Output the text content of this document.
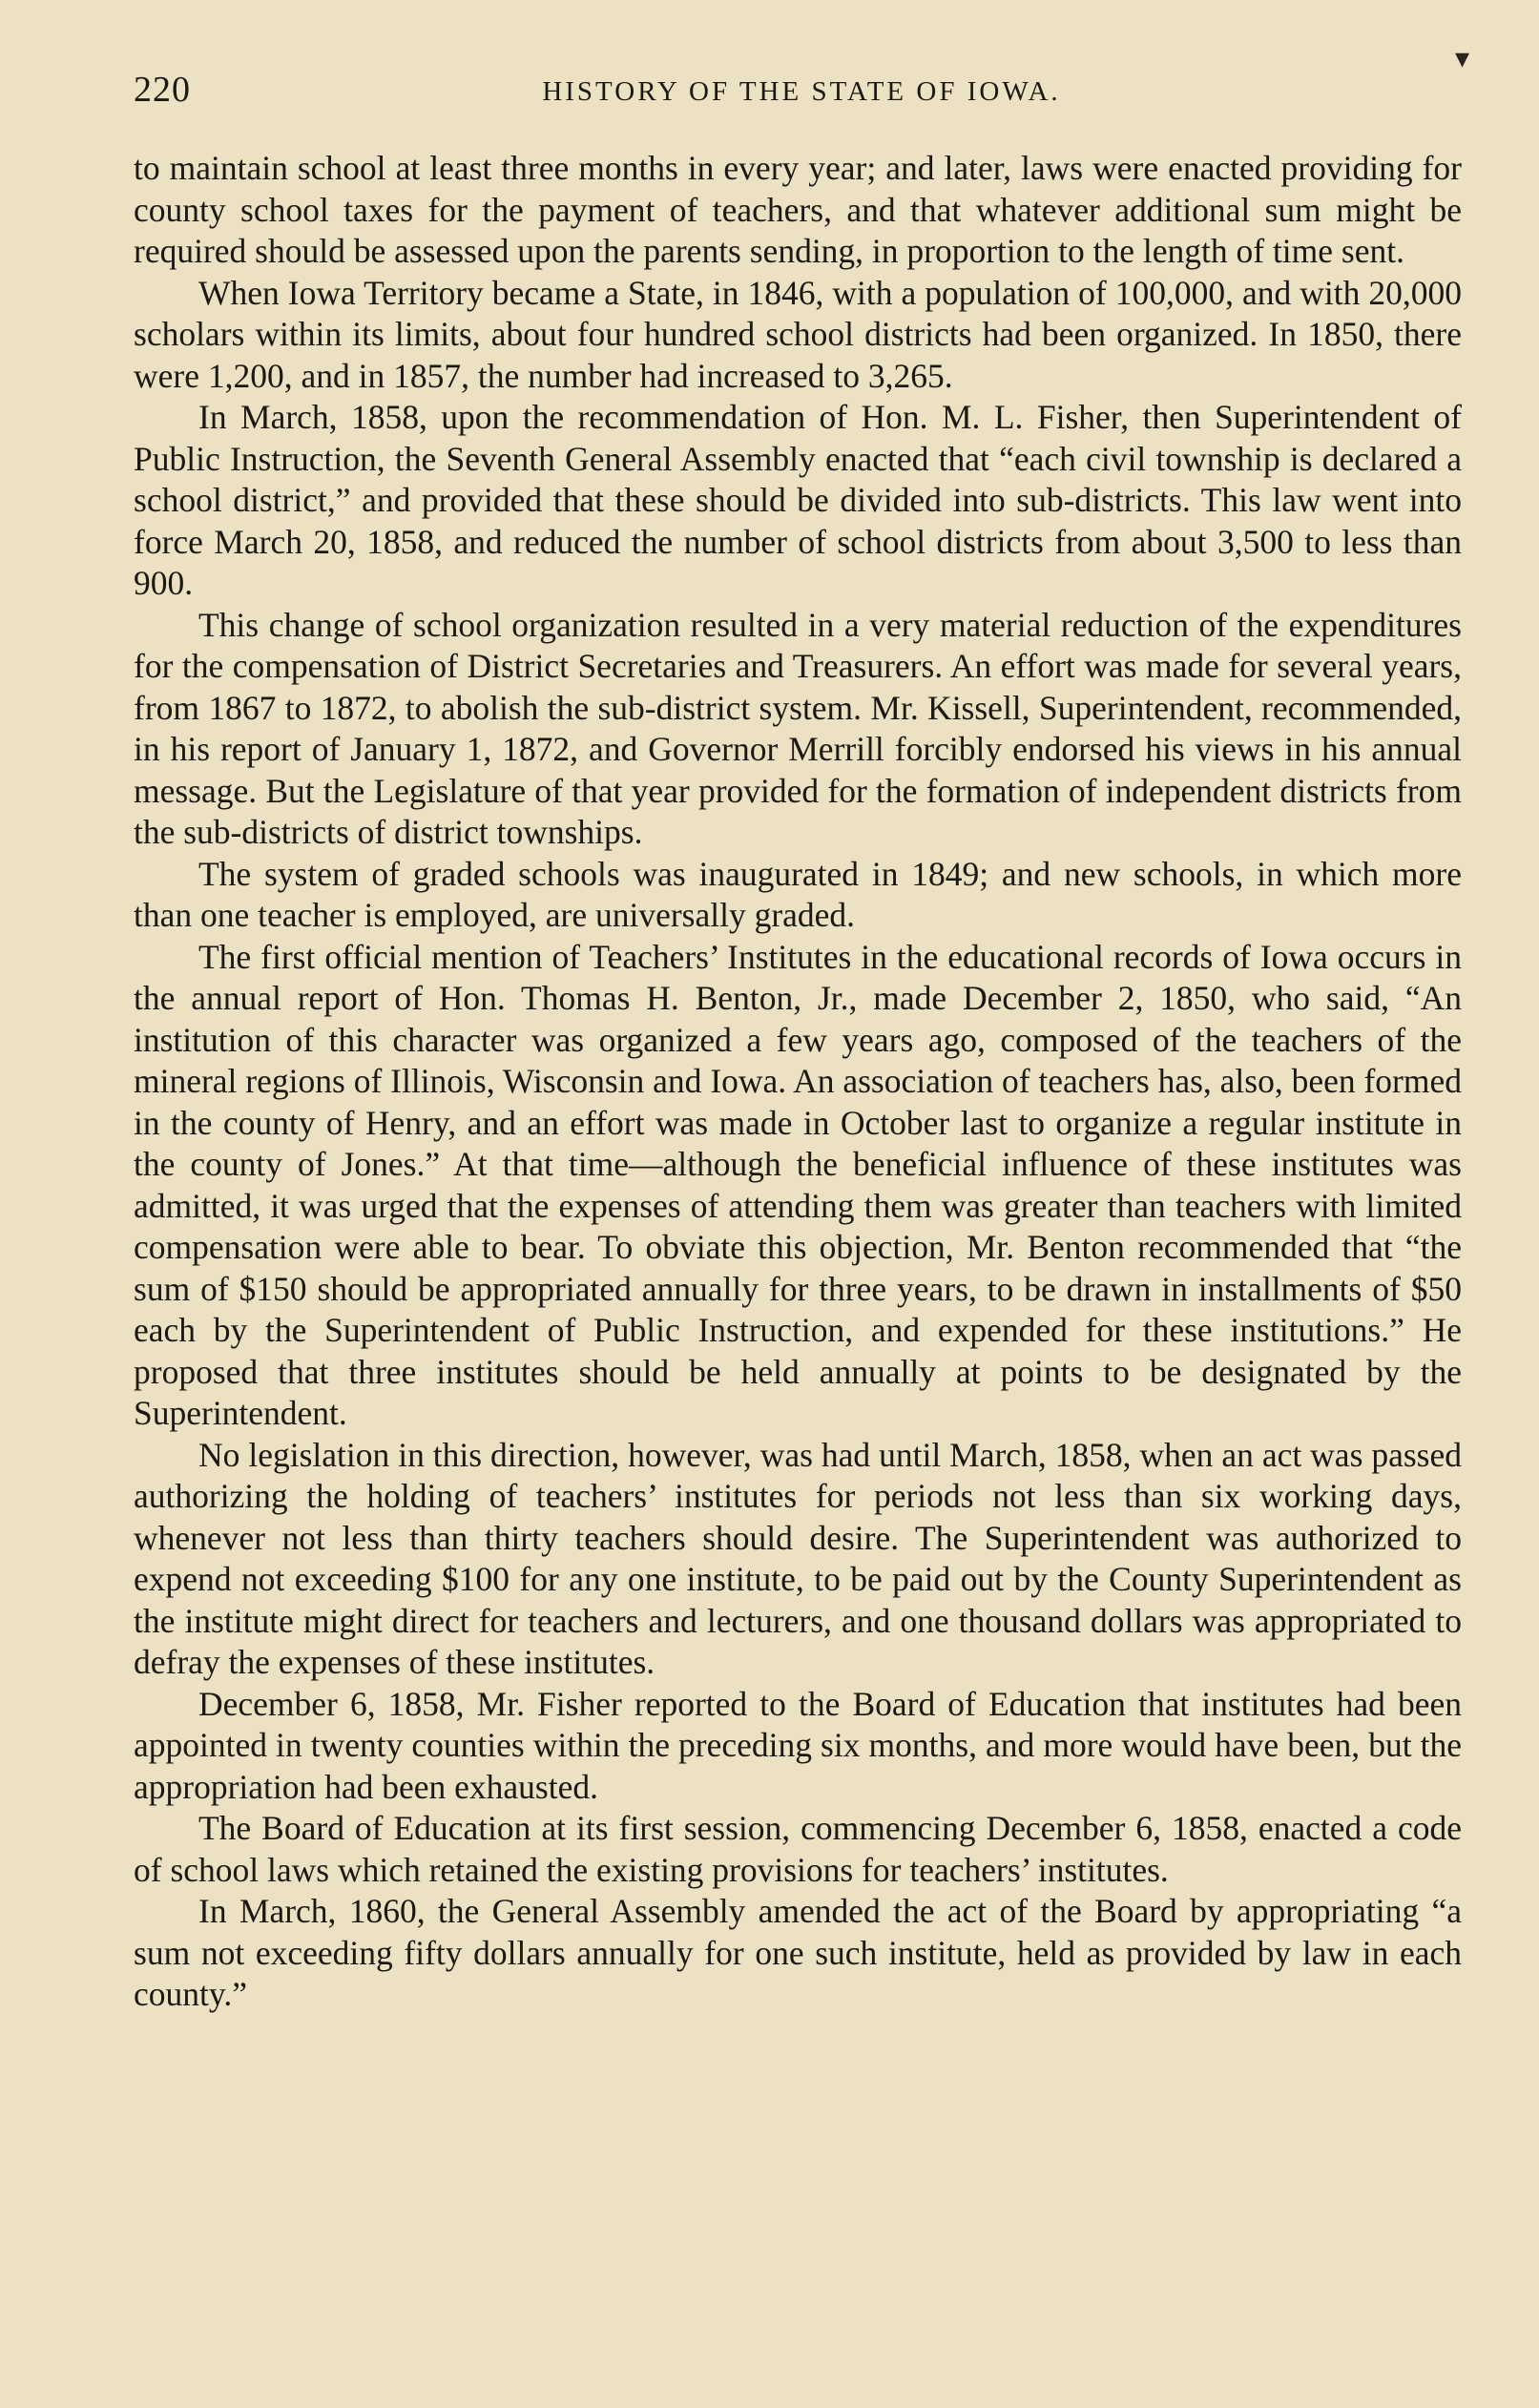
220	HISTORY OF THE STATE OF IOWA.
▾

to maintain school at least three months in every year; and later, laws were enacted providing for county school taxes for the payment of teachers, and that whatever additional sum might be required should be assessed upon the parents sending, in proportion to the length of time sent.

When Iowa Territory became a State, in 1846, with a population of 100,000, and with 20,000 scholars within its limits, about four hundred school districts had been organized. In 1850, there were 1,200, and in 1857, the number had increased to 3,265.

In March, 1858, upon the recommendation of Hon. M. L. Fisher, then Superintendent of Public Instruction, the Seventh General Assembly enacted that “each civil township is declared a school district,” and provided that these should be divided into sub-districts. This law went into force March 20, 1858, and reduced the number of school districts from about 3,500 to less than 900.

This change of school organization resulted in a very material reduction of the expenditures for the compensation of District Secretaries and Treasurers. An effort was made for several years, from 1867 to 1872, to abolish the sub-district system. Mr. Kissell, Superintendent, recommended, in his report of January 1, 1872, and Governor Merrill forcibly endorsed his views in his annual message. But the Legislature of that year provided for the formation of independent districts from the sub-districts of district townships.

The system of graded schools was inaugurated in 1849; and new schools, in which more than one teacher is employed, are universally graded.

The first official mention of Teachers’ Institutes in the educational records of Iowa occurs in the annual report of Hon. Thomas H. Benton, Jr., made December 2, 1850, who said, “An institution of this character was organized a few years ago, composed of the teachers of the mineral regions of Illinois, Wisconsin and Iowa. An association of teachers has, also, been formed in the county of Henry, and an effort was made in October last to organize a regular institute in the county of Jones.” At that time—although the beneficial influence of these institutes was admitted, it was urged that the expenses of attending them was greater than teachers with limited compensation were able to bear. To obviate this objection, Mr. Benton recommended that “the sum of $150 should be appropriated annually for three years, to be drawn in installments of $50 each by the Superintendent of Public Instruction, and expended for these institutions.” He proposed that three institutes should be held annually at points to be designated by the Superintendent.

No legislation in this direction, however, was had until March, 1858, when an act was passed authorizing the holding of teachers’ institutes for periods not less than six working days, whenever not less than thirty teachers should desire. The Superintendent was authorized to expend not exceeding $100 for any one institute, to be paid out by the County Superintendent as the institute might direct for teachers and lecturers, and one thousand dollars was appropriated to defray the expenses of these institutes.

December 6, 1858, Mr. Fisher reported to the Board of Education that institutes had been appointed in twenty counties within the preceding six months, and more would have been, but the appropriation had been exhausted.

The Board of Education at its first session, commencing December 6, 1858, enacted a code of school laws which retained the existing provisions for teachers’ institutes.

In March, 1860, the General Assembly amended the act of the Board by appropriating “a sum not exceeding fifty dollars annually for one such institute, held as provided by law in each county.”
